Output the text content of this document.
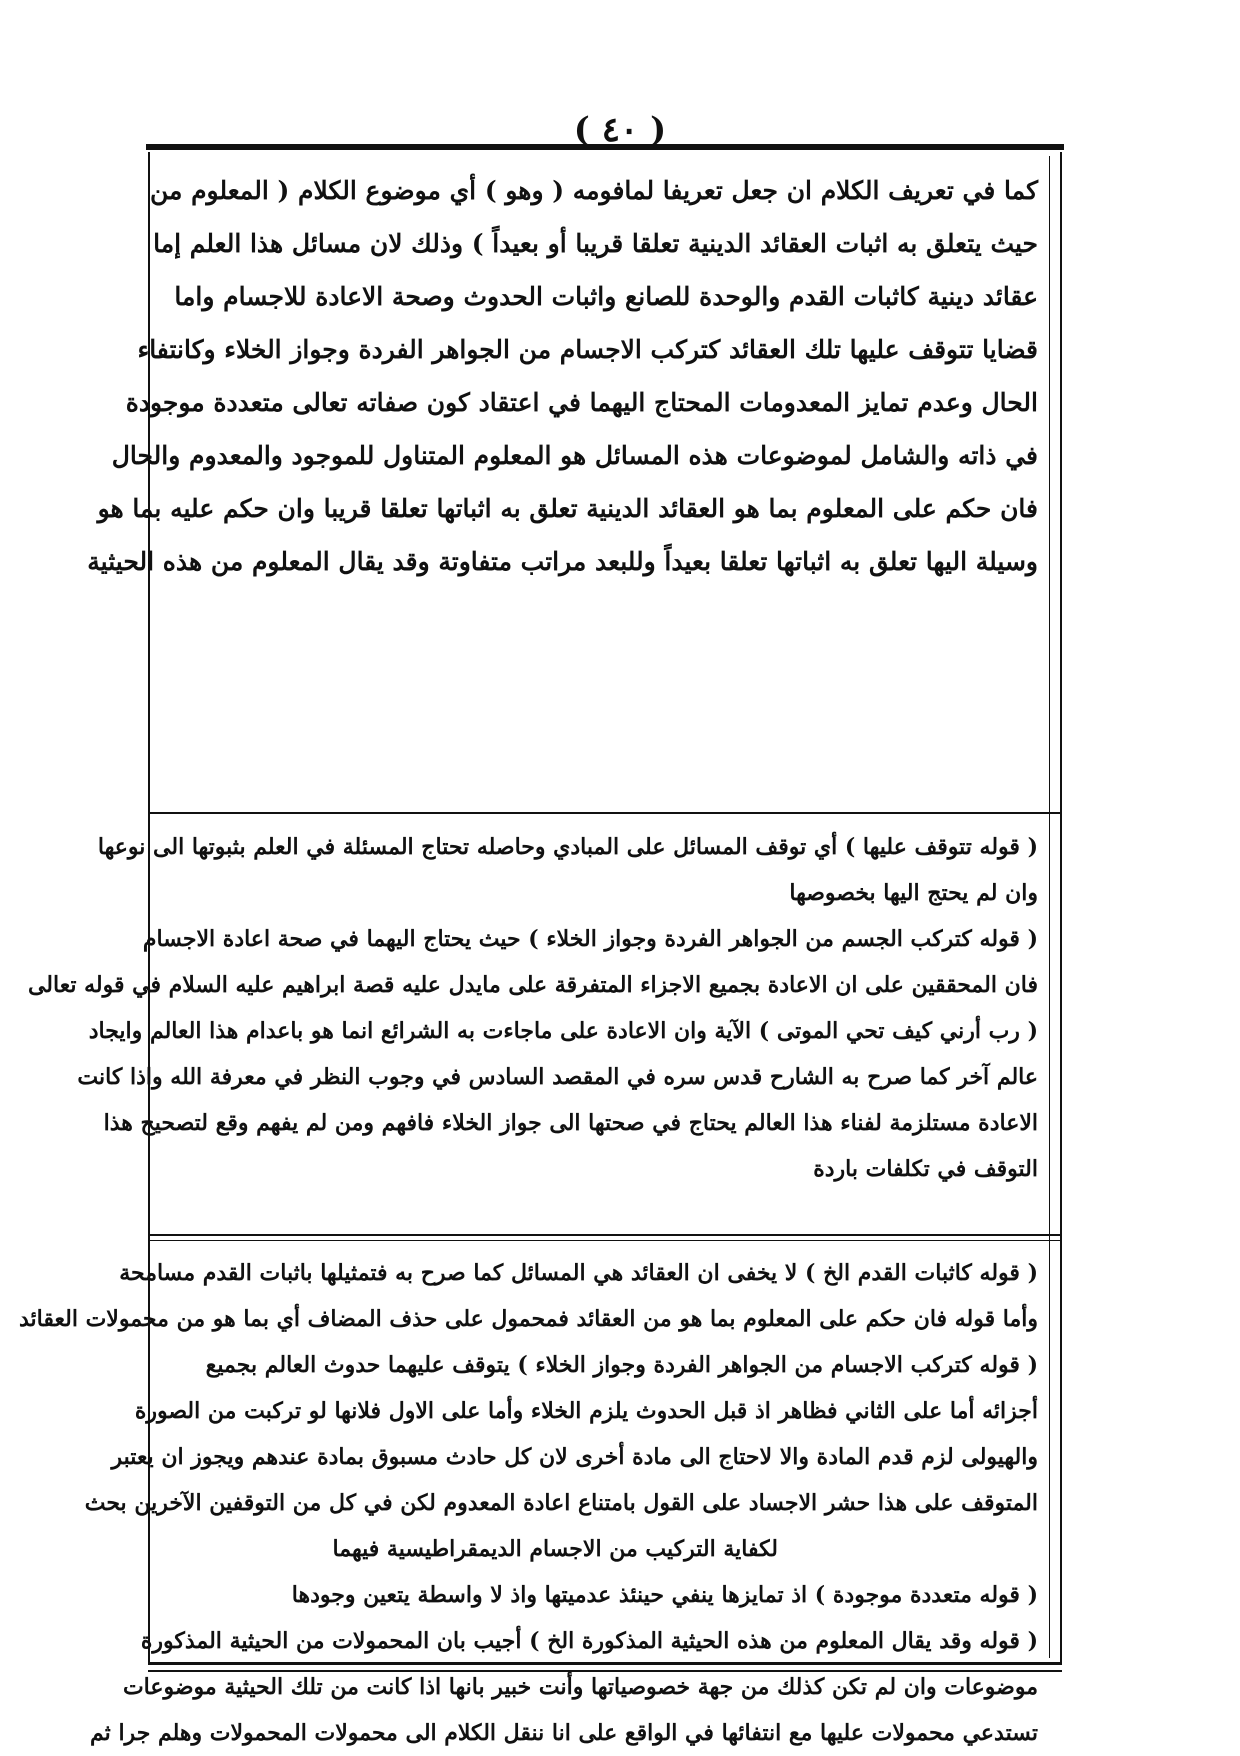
( ٤٠ )
كما في تعريف الكلام ان جعل تعريفا لمافومه ( وهو ) أي موضوع الكلام ( المعلوم من
حيث يتعلق به اثبات العقائد الدينية تعلقا قريبا أو بعيداً ) وذلك لان مسائل هذا العلم إما
عقائد دينية كاثبات القدم والوحدة للصانع واثبات الحدوث وصحة الاعادة للاجسام واما
قضايا تتوقف عليها تلك العقائد كتركب الاجسام من الجواهر الفردة وجواز الخلاء وكانتفاء
الحال وعدم تمايز المعدومات المحتاج اليهما في اعتقاد كون صفاته تعالى متعددة موجودة
في ذاته والشامل لموضوعات هذه المسائل هو المعلوم المتناول للموجود والمعدوم والحال
فان حكم على المعلوم بما هو العقائد الدينية تعلق به اثباتها تعلقا قريبا وان حكم عليه بما هو
وسيلة اليها تعلق به اثباتها تعلقا بعيداً وللبعد مراتب متفاوتة وقد يقال المعلوم من هذه الحيثية
( قوله تتوقف عليها ) أي توقف المسائل على المبادي وحاصله تحتاج المسئلة في العلم بثبوتها الى نوعها
وان لم يحتج اليها بخصوصها
( قوله كتركب الجسم من الجواهر الفردة وجواز الخلاء ) حيث يحتاج اليهما في صحة اعادة الاجسام
فان المحققين على ان الاعادة بجميع الاجزاء المتفرقة على مايدل عليه قصة ابراهيم عليه السلام في قوله تعالى
( رب أرني كيف تحي الموتى ) الآية وان الاعادة على ماجاءت به الشرائع انما هو باعدام هذا العالم وايجاد
عالم آخر كما صرح به الشارح قدس سره في المقصد السادس في وجوب النظر في معرفة الله واذا كانت
الاعادة مستلزمة لفناء هذا العالم يحتاج في صحتها الى جواز الخلاء فافهم ومن لم يفهم وقع لتصحيح هذا
التوقف في تكلفات باردة
( قوله كاثبات القدم الخ ) لا يخفى ان العقائد هي المسائل كما صرح به فتمثيلها باثبات القدم مسامحة
وأما قوله فان حكم على المعلوم بما هو من العقائد فمحمول على حذف المضاف أي بما هو من محمولات العقائد
( قوله كتركب الاجسام من الجواهر الفردة وجواز الخلاء ) يتوقف عليهما حدوث العالم بجميع
أجزائه أما على الثاني فظاهر اذ قبل الحدوث يلزم الخلاء وأما على الاول فلانها لو تركبت من الصورة
والهيولى لزم قدم المادة والا لاحتاج الى مادة أخرى لان كل حادث مسبوق بمادة عندهم ويجوز ان يعتبر
المتوقف على هذا حشر الاجساد على القول بامتناع اعادة المعدوم لكن في كل من التوقفين الآخرين بحث
لكفاية التركيب من الاجسام الديمقراطيسية فيهما
( قوله متعددة موجودة ) اذ تمايزها ينفي حينئذ عدميتها واذ لا واسطة يتعين وجودها
( قوله وقد يقال المعلوم من هذه الحيثية المذكورة الخ ) أجيب بان المحمولات من الحيثية المذكورة
موضوعات وان لم تكن كذلك من جهة خصوصياتها وأنت خبير بانها اذا كانت من تلك الحيثية موضوعات
تستدعي محمولات عليها مع انتفائها في الواقع على انا ننقل الكلام الى محمولات المحمولات وهلم جرا ثم
